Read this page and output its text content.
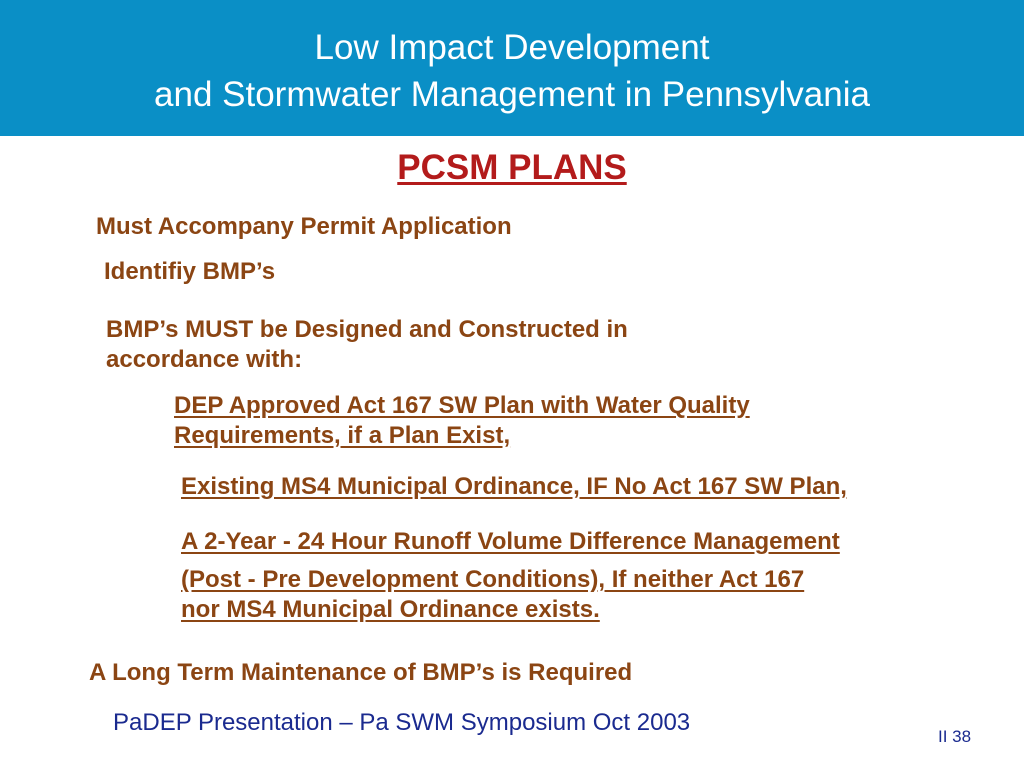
Low Impact Development
and Stormwater Management in Pennsylvania
PCSM PLANS
Must Accompany Permit Application
Identifiy BMP’s
BMP’s MUST be Designed and Constructed in
accordance with:
DEP Approved Act 167 SW Plan with Water Quality
Requirements, if a Plan Exist,
Existing MS4 Municipal Ordinance, IF No Act 167 SW Plan,
A 2-Year - 24 Hour Runoff Volume Difference Management
(Post - Pre Development Conditions), If neither Act 167
nor MS4 Municipal Ordinance exists.
A Long Term Maintenance of BMP’s is Required
PaDEP Presentation – Pa SWM Symposium Oct 2003
II 38
